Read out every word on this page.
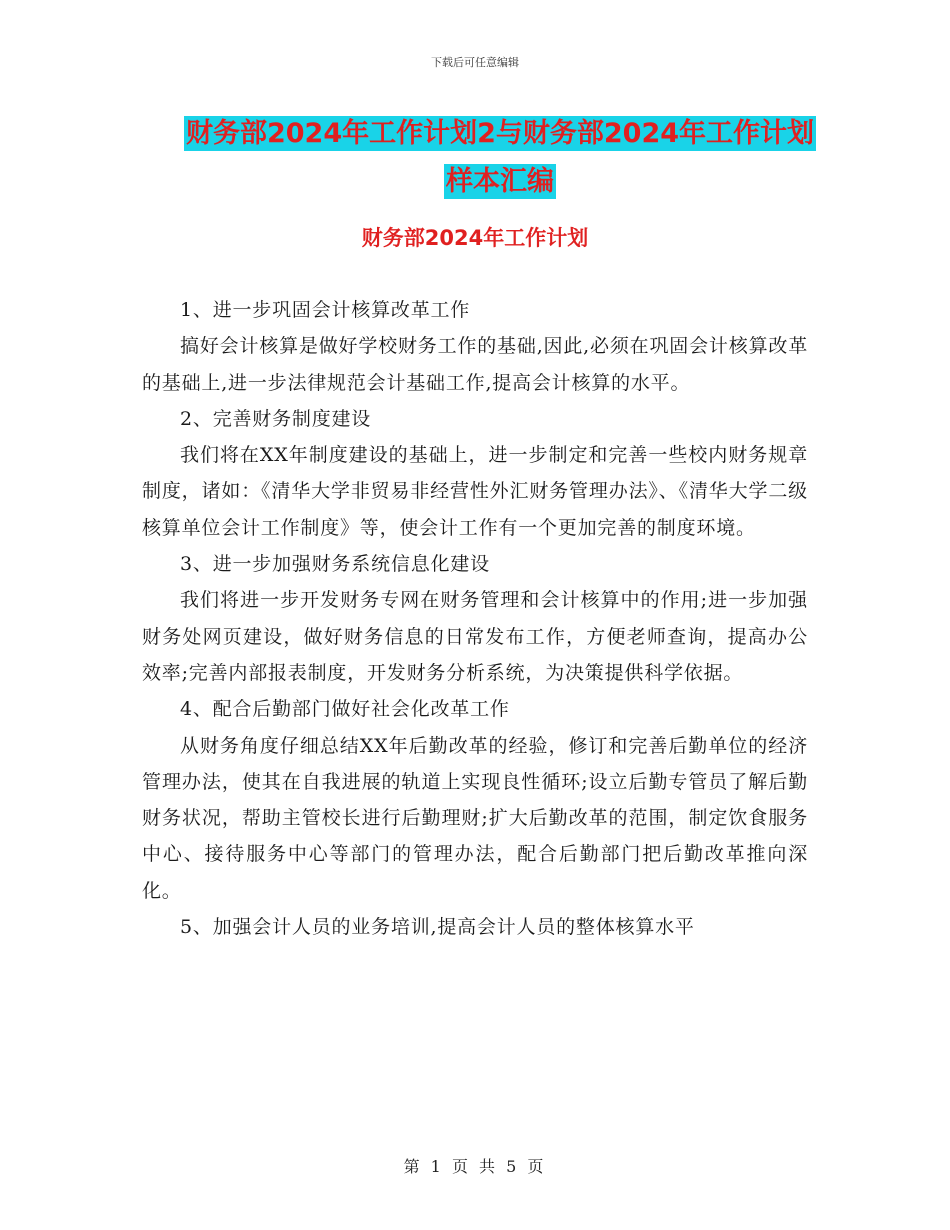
下载后可任意编辑
财务部2024年工作计划2与财务部2024年工作计划
样本汇编
财务部2024年工作计划

1、进一步巩固会计核算改革工作

搞好会计核算是做好学校财务工作的基础,因此,必须在巩固会计核算改革的基础上,进一步法律规范会计基础工作,提高会计核算的水平。

2、完善财务制度建设

我们将在XX年制度建设的基础上，进一步制定和完善一些校内财务规章制度，诸如：《清华大学非贸易非经营性外汇财务管理办法》、《清华大学二级核算单位会计工作制度》等，使会计工作有一个更加完善的制度环境。

3、进一步加强财务系统信息化建设

我们将进一步开发财务专网在财务管理和会计核算中的作用;进一步加强财务处网页建设，做好财务信息的日常发布工作，方便老师查询，提高办公效率;完善内部报表制度，开发财务分析系统，为决策提供科学依据。

4、配合后勤部门做好社会化改革工作

从财务角度仔细总结XX年后勤改革的经验，修订和完善后勤单位的经济管理办法，使其在自我进展的轨道上实现良性循环;设立后勤专管员了解后勤财务状况，帮助主管校长进行后勤理财;扩大后勤改革的范围，制定饮食服务中心、接待服务中心等部门的管理办法，配合后勤部门把后勤改革推向深化。

5、加强会计人员的业务培训,提高会计人员的整体核算水平

第 1 页 共 5 页
